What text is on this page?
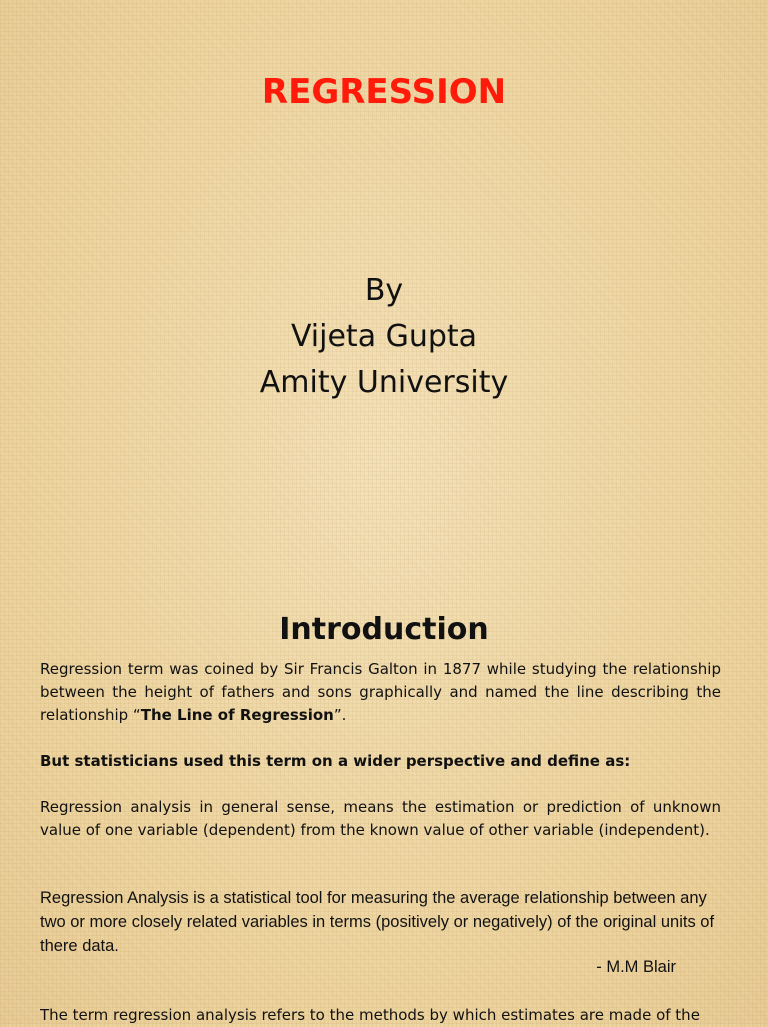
REGRESSION
By
Vijeta Gupta
Amity University
Introduction
Regression term was coined by Sir Francis Galton in 1877 while studying the relationship between the height of fathers and sons graphically and named the line describing the relationship “The Line of Regression”.
But statisticians used this term on a wider perspective and define as:
Regression analysis in general sense, means the estimation or prediction of unknown value of one variable (dependent) from the known value of other variable (independent).
Regression Analysis is a statistical tool for measuring the average relationship between any two or more closely related variables in terms (positively or negatively) of the original units of there data.
- M.M Blair
The term regression analysis refers to the methods by which estimates are made of the
